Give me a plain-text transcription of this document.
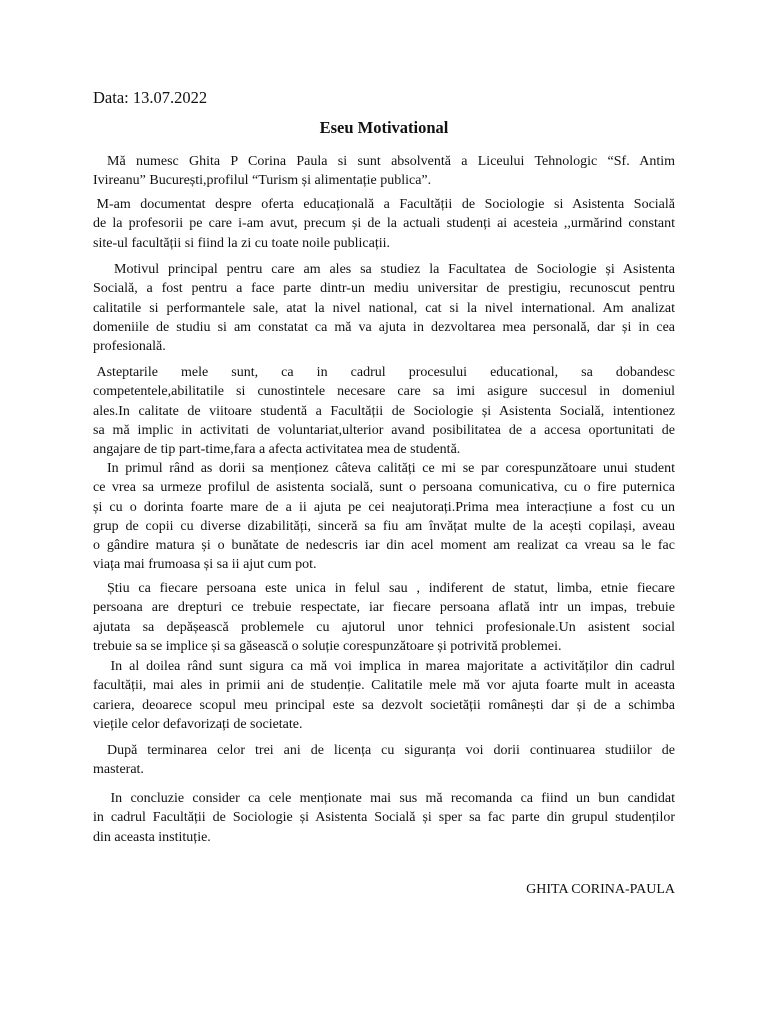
Data: 13.07.2022
Eseu Motivational
Mă numesc Ghita P Corina Paula si sunt absolventă a Liceului Tehnologic “Sf. Antim
Ivireanu” București,profilul “Turism și alimentație publica”.
M-am documentat despre oferta educațională a Facultății de Sociologie si Asistenta Socială
de la profesorii pe care i-am avut, precum și de la actuali studenți ai acesteia ,,urmărind constant
site-ul facultății si fiind la zi cu toate noile publicații.
Motivul principal pentru care am ales sa studiez la Facultatea de Sociologie și Asistenta
Socială, a fost pentru a face parte dintr-un mediu universitar de prestigiu, recunoscut pentru
calitatile si performantele sale, atat la nivel national, cat si la nivel international. Am analizat
domeniile de studiu si am constatat ca mă va ajuta in dezvoltarea mea personală, dar și in cea
profesională.
Asteptarile mele sunt, ca in cadrul procesului educational, sa dobandesc
competentele,abilitatile si cunostintele necesare care sa imi asigure succesul in domeniul
ales.In calitate de viitoare studentă a Facultății de Sociologie și Asistenta Socială, intentionez
sa mă implic in activitati de voluntariat,ulterior avand posibilitatea de a accesa oportunitati de
angajare de tip part-time,fara a afecta activitatea mea de studentă.
In primul rând as dorii sa menționez câteva calități ce mi se par corespunzătoare unui student
ce vrea sa urmeze profilul de asistenta socială, sunt o persoana comunicativa, cu o fire puternica
și cu o dorinta foarte mare de a ii ajuta pe cei neajutorați.Prima mea interacțiune a fost cu un
grup de copii cu diverse dizabilități, sinceră sa fiu am învățat multe de la acești copilași, aveau
o gândire matura și o bunătate de nedescris iar din acel moment am realizat ca vreau sa le fac
viața mai frumoasa și sa ii ajut cum pot.
Știu ca fiecare persoana este unica in felul sau , indiferent de statut, limba, etnie fiecare
persoana are drepturi ce trebuie respectate, iar fiecare persoana aflată intr un impas, trebuie
ajutata sa depășească problemele cu ajutorul unor tehnici profesionale.Un asistent social
trebuie sa se implice și sa găsească o soluție corespunzătoare și potrivită problemei.
In al doilea rând sunt sigura ca mă voi implica in marea majoritate a activităților din cadrul
facultății, mai ales in primii ani de studenție. Calitatile mele mă vor ajuta foarte mult in aceasta
cariera, deoarece scopul meu principal este sa dezvolt societății românești dar și de a schimba
viețile celor defavorizați de societate.
După terminarea celor trei ani de licența cu siguranța voi dorii continuarea studiilor de
masterat.
In concluzie consider ca cele menționate mai sus mă recomanda ca fiind un bun candidat
in cadrul Facultății de Sociologie și Asistenta Socială și sper sa fac parte din grupul studenților
din aceasta instituție.
GHITA CORINA-PAULA
